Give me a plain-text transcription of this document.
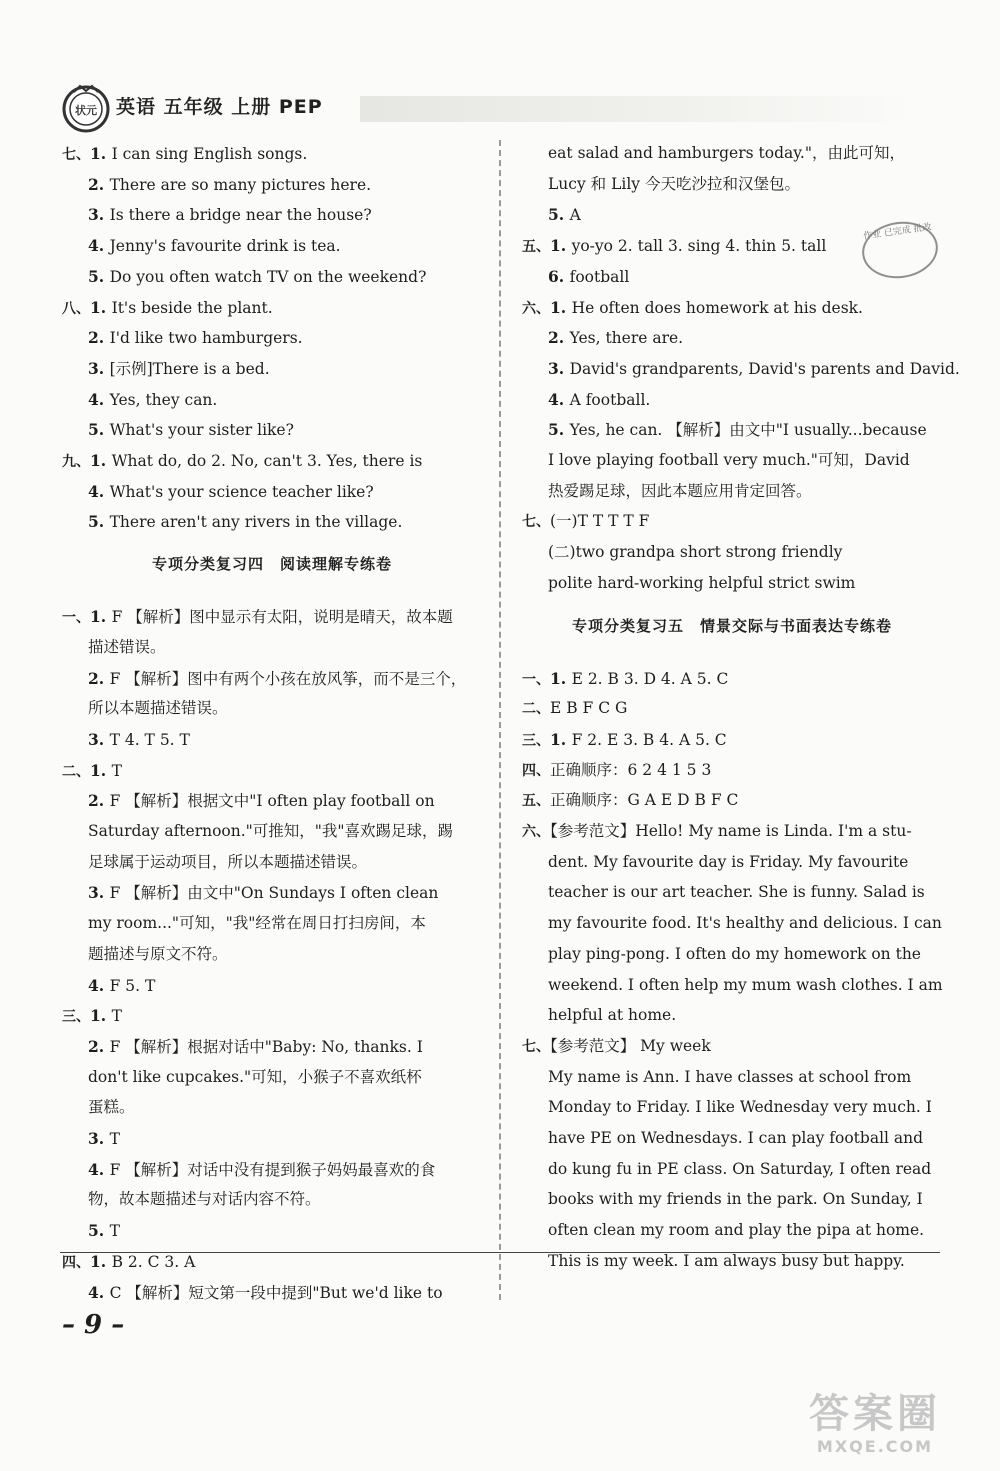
状元 英语 五年级 上册 PEP
七、1. I can sing English songs.
2. There are so many pictures here.
3. Is there a bridge near the house?
4. Jenny's favourite drink is tea.
5. Do you often watch TV on the weekend?
八、1. It's beside the plant.
2. I'd like two hamburgers.
3. [示例]There is a bed.
4. Yes, they can.
5. What's your sister like?
九、1. What do, do 2. No, can't 3. Yes, there is
4. What's your science teacher like?
5. There aren't any rivers in the village.
专项分类复习四　阅读理解专练卷
一、1. F 【解析】图中显示有太阳，说明是晴天，故本题
描述错误。
2. F 【解析】图中有两个小孩在放风筝，而不是三个，
所以本题描述错误。
3. T 4. T 5. T
二、1. T
2. F 【解析】根据文中"I often play football on
Saturday afternoon."可推知，"我"喜欢踢足球，踢
足球属于运动项目，所以本题描述错误。
3. F 【解析】由文中"On Sundays I often clean
my room..."可知，"我"经常在周日打扫房间，本
题描述与原文不符。
4. F 5. T
三、1. T
2. F 【解析】根据对话中"Baby: No, thanks. I
don't like cupcakes."可知，小猴子不喜欢纸杯
蛋糕。
3. T
4. F 【解析】对话中没有提到猴子妈妈最喜欢的食
物，故本题描述与对话内容不符。
5. T
四、1. B 2. C 3. A
4. C 【解析】短文第一段中提到"But we'd like to
eat salad and hamburgers today."，由此可知，
Lucy 和 Lily 今天吃沙拉和汉堡包。
5. A
五、1. yo-yo 2. tall 3. sing 4. thin 5. tall
6. football
六、1. He often does homework at his desk.
2. Yes, there are.
3. David's grandparents, David's parents and David.
4. A football.
5. Yes, he can. 【解析】由文中"I usually...because
I love playing football very much."可知，David
热爱踢足球，因此本题应用肯定回答。
七、(一)T T T T F
(二)two grandpa short strong friendly
polite hard-working helpful strict swim
专项分类复习五　情景交际与书面表达专练卷
一、1. E 2. B 3. D 4. A 5. C
二、E B F C G
三、1. F 2. E 3. B 4. A 5. C
四、正确顺序：6 2 4 1 5 3
五、正确顺序：G A E D B F C
六、【参考范文】Hello! My name is Linda. I'm a stu-
dent. My favourite day is Friday. My favourite
teacher is our art teacher. She is funny. Salad is
my favourite food. It's healthy and delicious. I can
play ping-pong. I often do my homework on the
weekend. I often help my mum wash clothes. I am
helpful at home.
七、【参考范文】 My week
My name is Ann. I have classes at school from
Monday to Friday. I like Wednesday very much. I
have PE on Wednesdays. I can play football and
do kung fu in PE class. On Saturday, I often read
books with my friends in the park. On Sunday, I
often clean my room and play the pipa at home.
This is my week. I am always busy but happy.
作业 已完成 批改
– 9 –
答案圈
MXQE.COM
